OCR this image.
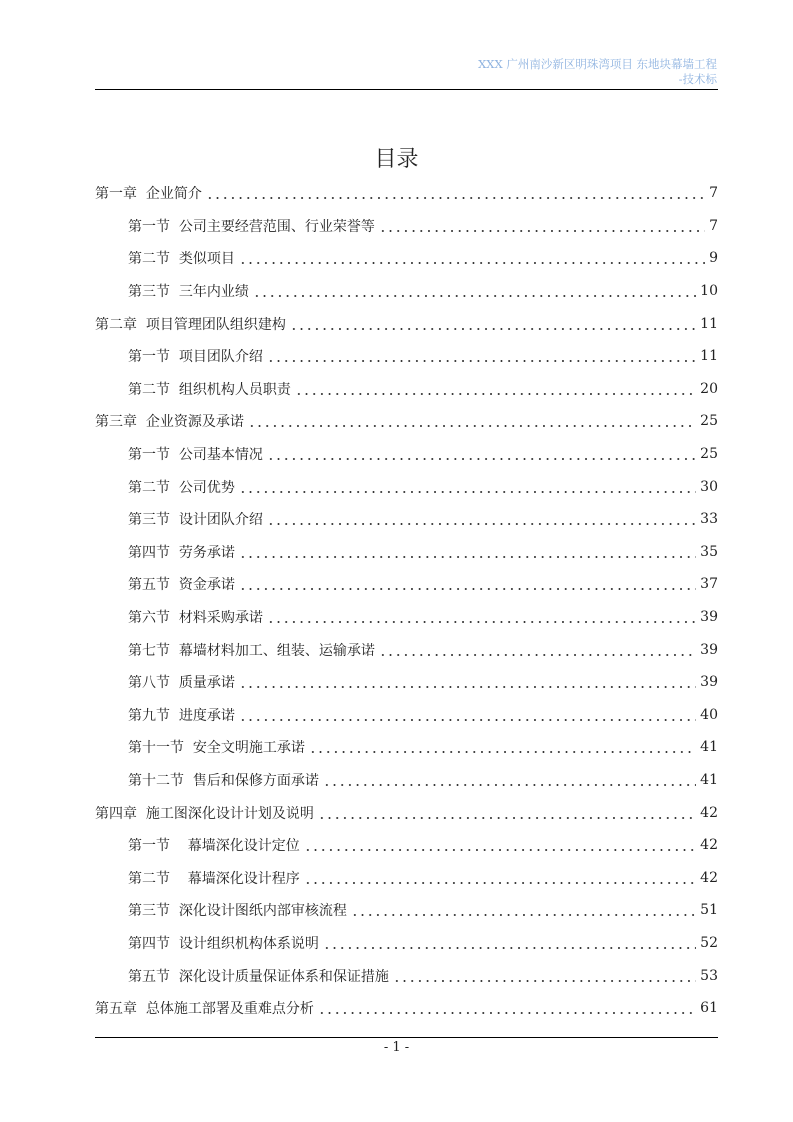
XXX 广州南沙新区明珠湾项目 东地块幕墙工程
-技术标
目录
第一章  企业简介	7
第一节  公司主要经营范围、行业荣誉等	7
第二节  类似项目	9
第三节  三年内业绩	10
第二章  项目管理团队组织建构	11
第一节  项目团队介绍	11
第二节  组织机构人员职责	20
第三章  企业资源及承诺	25
第一节  公司基本情况	25
第二节  公司优势	30
第三节  设计团队介绍	33
第四节  劳务承诺	35
第五节  资金承诺	37
第六节  材料采购承诺	39
第七节  幕墙材料加工、组装、运输承诺	39
第八节  质量承诺	39
第九节  进度承诺	40
第十一节  安全文明施工承诺	41
第十二节  售后和保修方面承诺	41
第四章  施工图深化设计计划及说明	42
第一节    幕墙深化设计定位	42
第二节    幕墙深化设计程序	42
第三节  深化设计图纸内部审核流程	51
第四节  设计组织机构体系说明	52
第五节  深化设计质量保证体系和保证措施	53
第五章  总体施工部署及重难点分析	61
- 1 -
